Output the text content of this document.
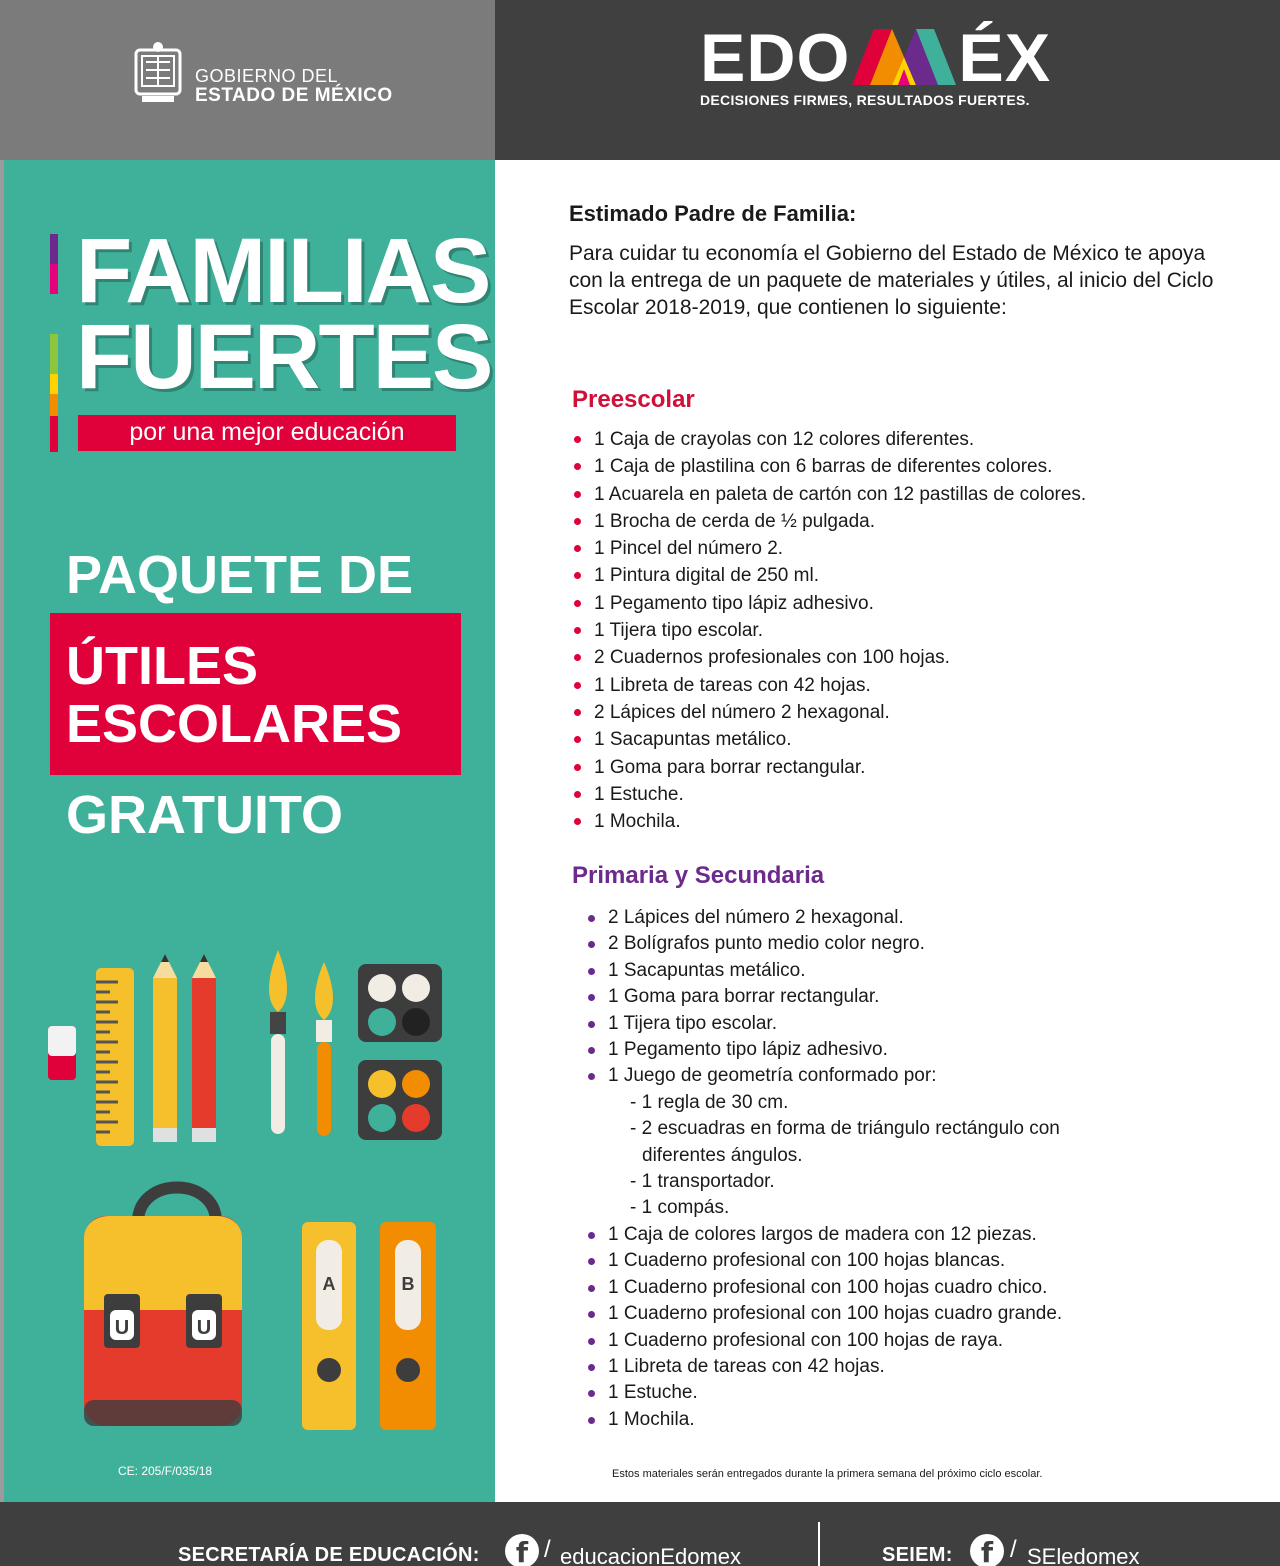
GOBIERNO DEL
ESTADO DE MÉXICO	EDO ÉX
DECISIONES FIRMES, RESULTADOS FUERTES.
FAMILIAS
FUERTES
por una mejor educación
PAQUETE DE
ÚTILES
ESCOLARES
GRATUITO
U	U
A	B
CE: 205/F/035/18
Estimado Padre de Familia:
Para cuidar tu economía el Gobierno del Estado de México te apoya con la entrega de un paquete de materiales y útiles, al inicio del Ciclo Escolar 2018-2019, que contienen lo siguiente:
Preescolar
1 Caja de crayolas con 12 colores diferentes.
1 Caja de plastilina con 6 barras de diferentes colores.
1 Acuarela en paleta de cartón con 12 pastillas de colores.
1 Brocha de cerda de ½ pulgada.
1 Pincel del número 2.
1 Pintura digital de 250 ml.
1 Pegamento tipo lápiz adhesivo.
1 Tijera tipo escolar.
2 Cuadernos profesionales con 100 hojas.
1 Libreta de tareas con 42 hojas.
2 Lápices del número 2 hexagonal.
1 Sacapuntas metálico.
1 Goma para borrar rectangular.
1 Estuche.
1 Mochila.
Primaria y Secundaria
2 Lápices del número 2 hexagonal.
2 Bolígrafos punto medio color negro.
1 Sacapuntas metálico.
1 Goma para borrar rectangular.
1 Tijera tipo escolar.
1 Pegamento tipo lápiz adhesivo.
1 Juego de geometría conformado por:
- 1 regla de 30 cm.
- 2 escuadras en forma de triángulo rectángulo con
diferentes ángulos.
- 1 transportador.
- 1 compás.
1 Caja de colores largos de madera con 12 piezas.
1 Cuaderno profesional con 100 hojas blancas.
1 Cuaderno profesional con 100 hojas cuadro chico.
1 Cuaderno profesional con 100 hojas cuadro grande.
1 Cuaderno profesional con 100 hojas de raya.
1 Libreta de tareas con 42 hojas.
1 Estuche.
1 Mochila.
Estos materiales serán entregados durante la primera semana del próximo ciclo escolar.
SECRETARÍA DE EDUCACIÓN:	f / educacionEdomex	SEIEM:	f / SEledomex
